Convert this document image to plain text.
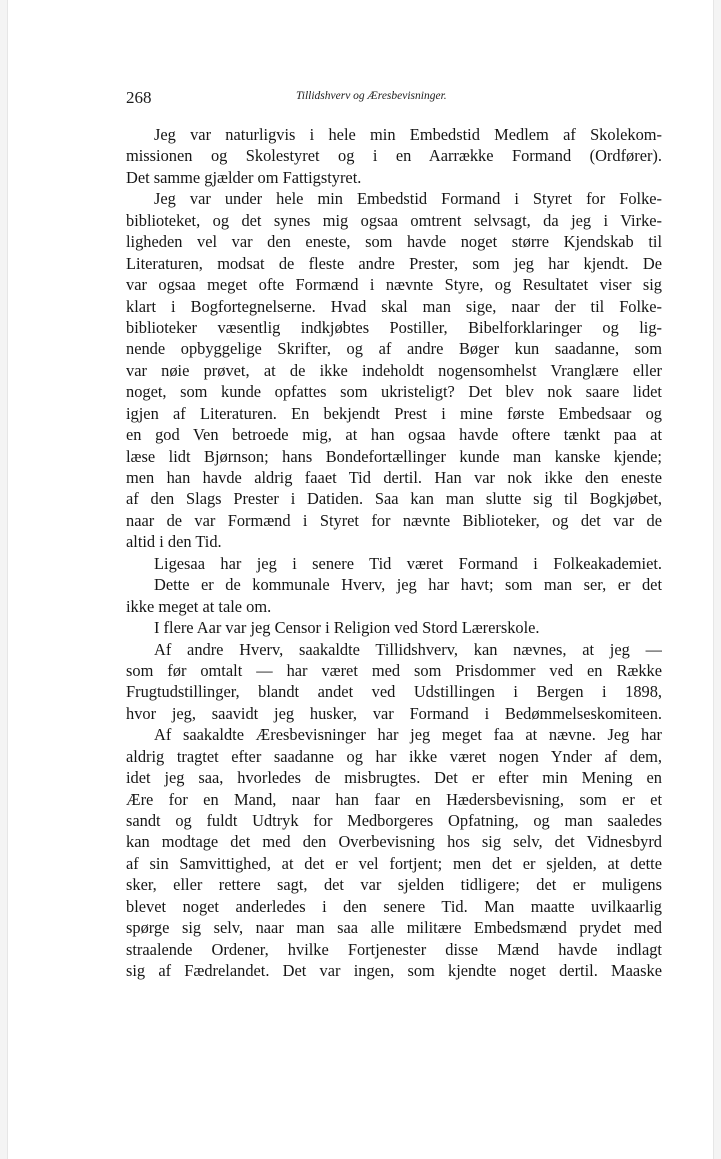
268	Tillidshverv og Æresbevisninger.
Jeg var naturligvis i hele min Embedstid Medlem af Skolekom-
missionen og Skolestyret og i en Aarrække Formand (Ordfører).
Det samme gjælder om Fattigstyret.
Jeg var under hele min Embedstid Formand i Styret for Folke-
biblioteket, og det synes mig ogsaa omtrent selvsagt, da jeg i Virke-
ligheden vel var den eneste, som havde noget større Kjendskab til
Literaturen, modsat de fleste andre Prester, som jeg har kjendt. De
var ogsaa meget ofte Formænd i nævnte Styre, og Resultatet viser sig
klart i Bogfortegnelserne. Hvad skal man sige, naar der til Folke-
biblioteker væsentlig indkjøbtes Postiller, Bibelforklaringer og lig-
nende opbyggelige Skrifter, og af andre Bøger kun saadanne, som
var nøie prøvet, at de ikke indeholdt nogensomhelst Vranglære eller
noget, som kunde opfattes som ukristeligt? Det blev nok saare lidet
igjen af Literaturen. En bekjendt Prest i mine første Embedsaar og
en god Ven betroede mig, at han ogsaa havde oftere tænkt paa at
læse lidt Bjørnson; hans Bondefortællinger kunde man kanske kjende;
men han havde aldrig faaet Tid dertil. Han var nok ikke den eneste
af den Slags Prester i Datiden. Saa kan man slutte sig til Bogkjøbet,
naar de var Formænd i Styret for nævnte Biblioteker, og det var de
altid i den Tid.
Ligesaa har jeg i senere Tid været Formand i Folkeakademiet.
Dette er de kommunale Hverv, jeg har havt; som man ser, er det
ikke meget at tale om.
I flere Aar var jeg Censor i Religion ved Stord Lærerskole.
Af andre Hverv, saakaldte Tillidshverv, kan nævnes, at jeg —
som før omtalt — har været med som Prisdommer ved en Række
Frugtudstillinger, blandt andet ved Udstillingen i Bergen i 1898,
hvor jeg, saavidt jeg husker, var Formand i Bedømmelseskomiteen.
Af saakaldte Æresbevisninger har jeg meget faa at nævne. Jeg har
aldrig tragtet efter saadanne og har ikke været nogen Ynder af dem,
idet jeg saa, hvorledes de misbrugtes. Det er efter min Mening en
Ære for en Mand, naar han faar en Hædersbevisning, som er et
sandt og fuldt Udtryk for Medborgeres Opfatning, og man saaledes
kan modtage det med den Overbevisning hos sig selv, det Vidnesbyrd
af sin Samvittighed, at det er vel fortjent; men det er sjelden, at dette
sker, eller rettere sagt, det var sjelden tidligere; det er muligens
blevet noget anderledes i den senere Tid. Man maatte uvilkaarlig
spørge sig selv, naar man saa alle militære Embedsmænd prydet med
straalende Ordener, hvilke Fortjenester disse Mænd havde indlagt
sig af Fædrelandet. Det var ingen, som kjendte noget dertil. Maaske
